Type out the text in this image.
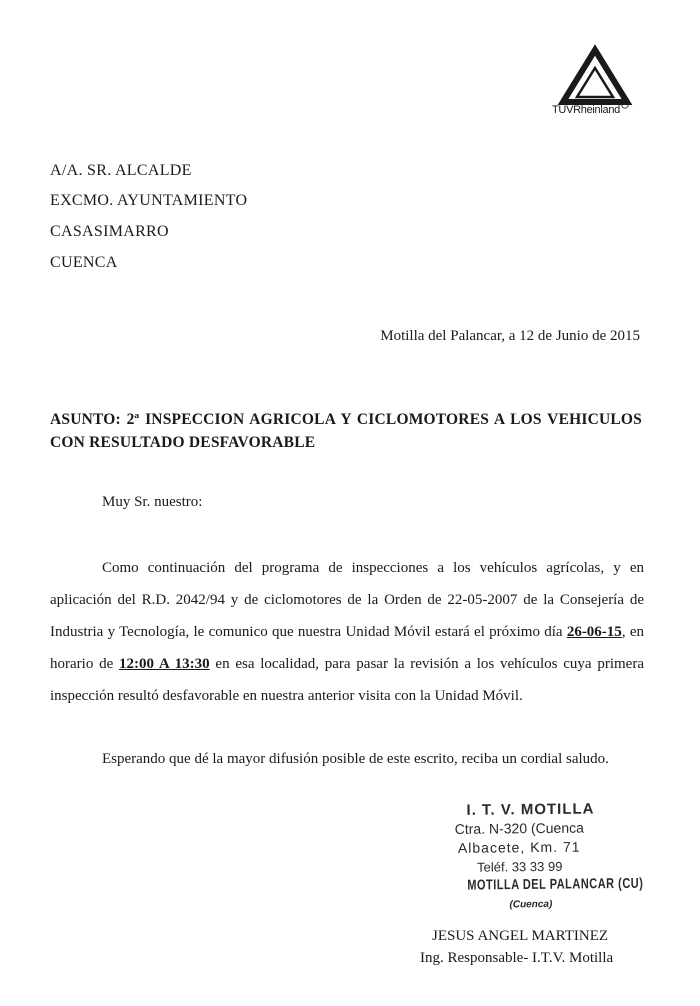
TÜVRheinland
A/A. SR. ALCALDE
EXCMO. AYUNTAMIENTO
CASASIMARRO
CUENCA
Motilla del Palancar, a 12 de Junio de 2015
ASUNTO: 2ª INSPECCION AGRICOLA Y CICLOMOTORES A LOS VEHICULOS CON RESULTADO DESFAVORABLE
Muy Sr. nuestro:
Como continuación del programa de inspecciones a los vehículos agrícolas, y en aplicación del R.D. 2042/94 y de ciclomotores de la Orden de 22-05-2007 de la Consejería de Industria y Tecnología, le comunico que nuestra Unidad Móvil estará el próximo día 26-06-15, en horario de 12:00 A 13:30 en esa localidad, para pasar la revisión a los vehículos cuya primera inspección resultó desfavorable en nuestra anterior visita con la Unidad Móvil.
Esperando que dé la mayor difusión posible de este escrito, reciba un cordial saludo.
I. T. V. MOTILLA
Ctra. N-320 (Cuenca
Albacete, Km. 71
Teléf. 33 33 99
MOTILLA DEL PALANCAR (CU)
(Cuenca)
JESUS ANGEL MARTINEZ
Ing. Responsable- I.T.V. Motilla
